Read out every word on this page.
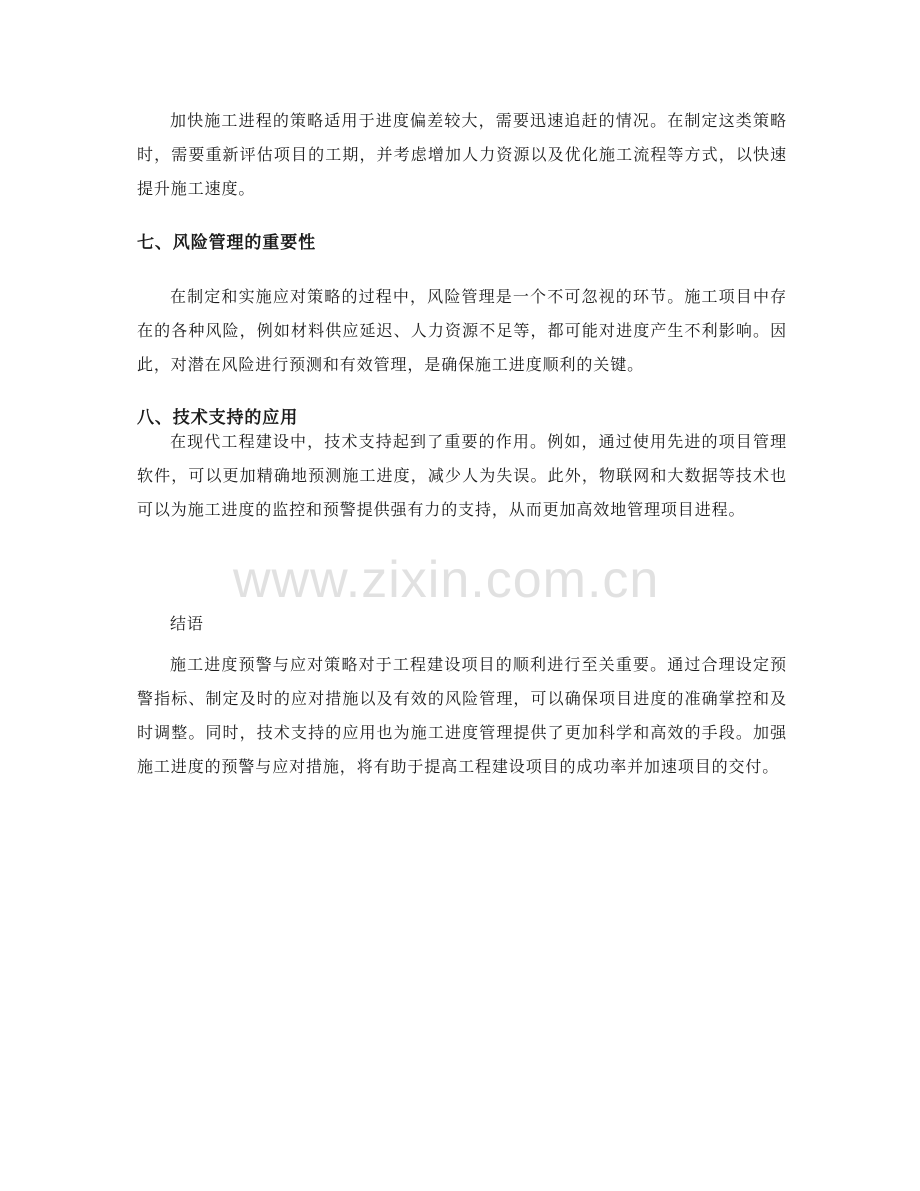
加快施工进程的策略适用于进度偏差较大，需要迅速追赶的情况。在制定这类策略时，需要重新评估项目的工期，并考虑增加人力资源以及优化施工流程等方式，以快速提升施工速度。

七、风险管理的重要性

在制定和实施应对策略的过程中，风险管理是一个不可忽视的环节。施工项目中存在的各种风险，例如材料供应延迟、人力资源不足等，都可能对进度产生不利影响。因此，对潜在风险进行预测和有效管理，是确保施工进度顺利的关键。

八、技术支持的应用

在现代工程建设中，技术支持起到了重要的作用。例如，通过使用先进的项目管理软件，可以更加精确地预测施工进度，减少人为失误。此外，物联网和大数据等技术也可以为施工进度的监控和预警提供强有力的支持，从而更加高效地管理项目进程。

结语

施工进度预警与应对策略对于工程建设项目的顺利进行至关重要。通过合理设定预警指标、制定及时的应对措施以及有效的风险管理，可以确保项目进度的准确掌控和及时调整。同时，技术支持的应用也为施工进度管理提供了更加科学和高效的手段。加强施工进度的预警与应对措施，将有助于提高工程建设项目的成功率并加速项目的交付。

www.zixin.com.cn
